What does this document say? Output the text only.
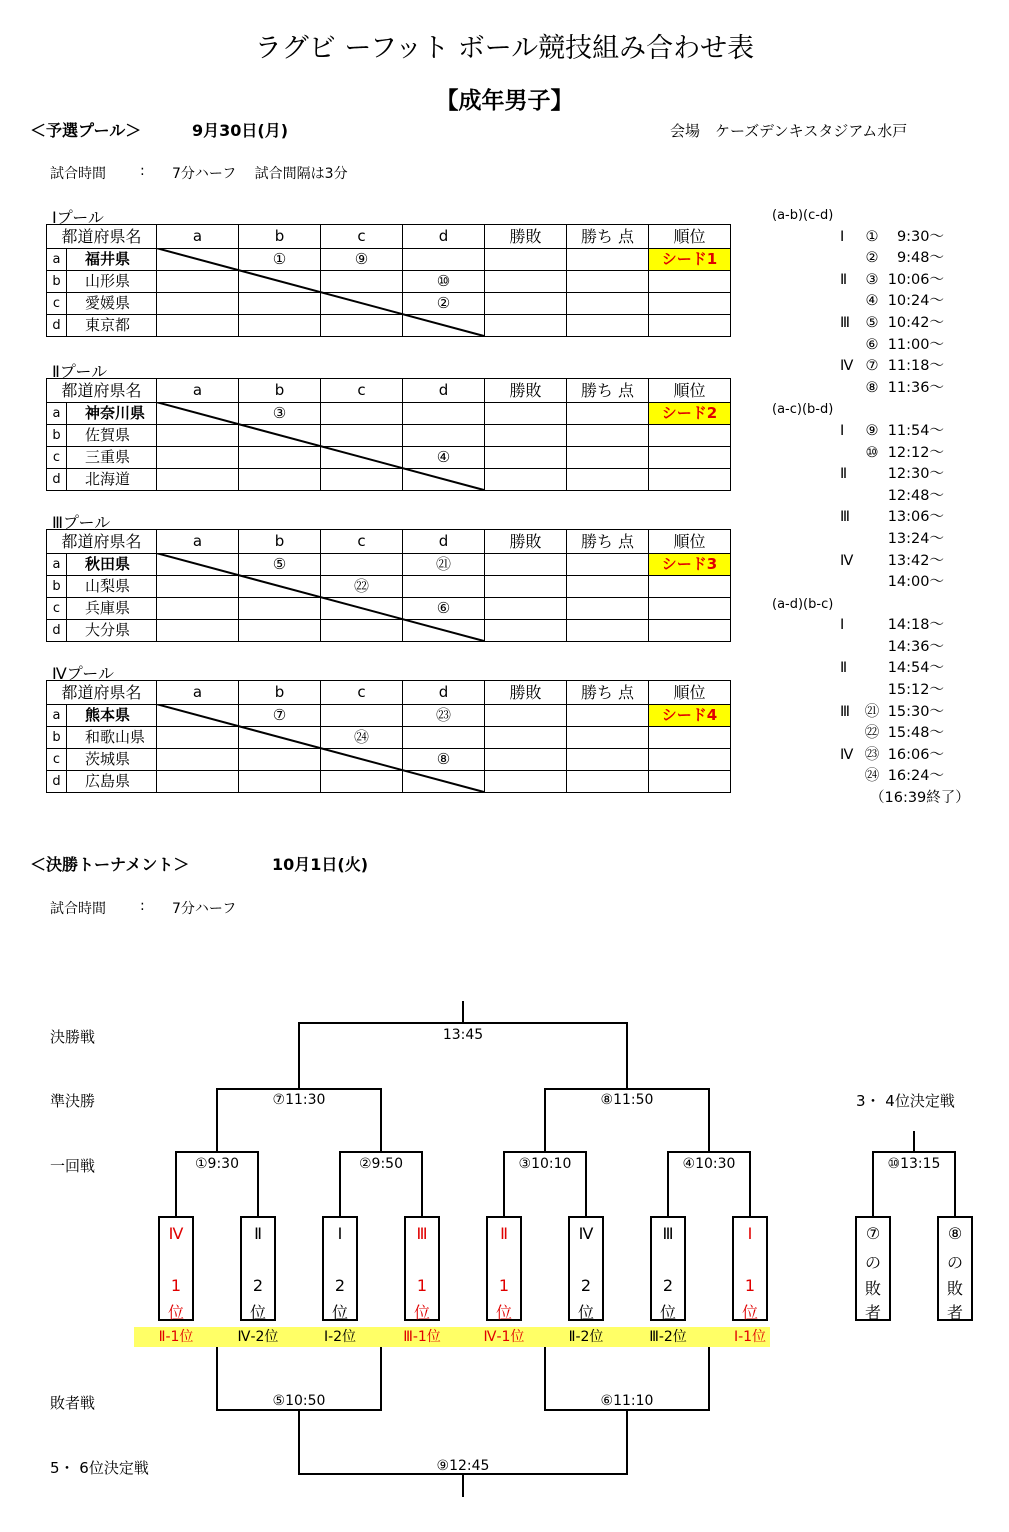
ラグビ ーフット ボール競技組み合わせ表
【成年男子】
＜予選プール＞	9月30日(月)	会場　ケーズデンキスタジアム水戸
試合時間 : 7分ハーフ　 試合間隔は3分
Ⅰプール
都道府県名		a	b	c	d	勝敗	勝ち 点	順位
a	福井県		①	⑨				シード1
b	山形県				⑩			
c	愛媛県				②			
d	東京都							
Ⅱプール
都道府県名		a	b	c	d	勝敗	勝ち 点	順位
a	神奈川県		③					シード2
b	佐賀県							
c	三重県				④			
d	北海道							
Ⅲプール
都道府県名		a	b	c	d	勝敗	勝ち 点	順位
a	秋田県		⑤		㉑			シード3
b	山梨県			㉒				
c	兵庫県				⑥			
d	大分県							
Ⅳプール
都道府県名		a	b	c	d	勝敗	勝ち 点	順位
a	熊本県		⑦		㉓			シード4
b	和歌山県			㉔				
c	茨城県				⑧			
d	広島県							
(a-b)(c-d)
Ⅰ ① 9:30～
② 9:48～
Ⅱ ③ 10:06～
④ 10:24～
Ⅲ ⑤ 10:42～
⑥ 11:00～
Ⅳ ⑦ 11:18～
⑧ 11:36～
(a-c)(b-d)
Ⅰ ⑨ 11:54～
⑩ 12:12～
Ⅱ	12:30～
12:48～
Ⅲ	13:06～
13:24～
Ⅳ 13:42～
14:00～
(a-d)(b-c)
Ⅰ	14:18～
14:36～
Ⅱ	14:54～
15:12～
Ⅲ ㉑ 15:30～
㉒ 15:48～
Ⅳ ㉓ 16:06～
㉔ 16:24～
（16:39終了）
＜決勝トーナメント＞	10月1日(火)
試合時間 : 7分ハーフ
決勝戦
準決勝
一回戦
敗者戦
5・ 6位決定戦
3・ 4位決定戦
13:45
⑦11:30	⑧11:50
①9:30	②9:50	③10:10	④10:30	⑩13:15
⑤10:50	⑥11:10
⑨12:45
Ⅳ
1
位
Ⅱ
2
位
Ⅰ
2
位
Ⅲ
1
位
Ⅱ
1
位
Ⅳ
2
位
Ⅲ
2
位
Ⅰ
1
位
⑦
の
敗
者
⑧
の
敗
者
Ⅱ-1位	Ⅳ-2位	Ⅰ-2位	Ⅲ-1位	Ⅳ-1位	Ⅱ-2位	Ⅲ-2位	Ⅰ-1位
